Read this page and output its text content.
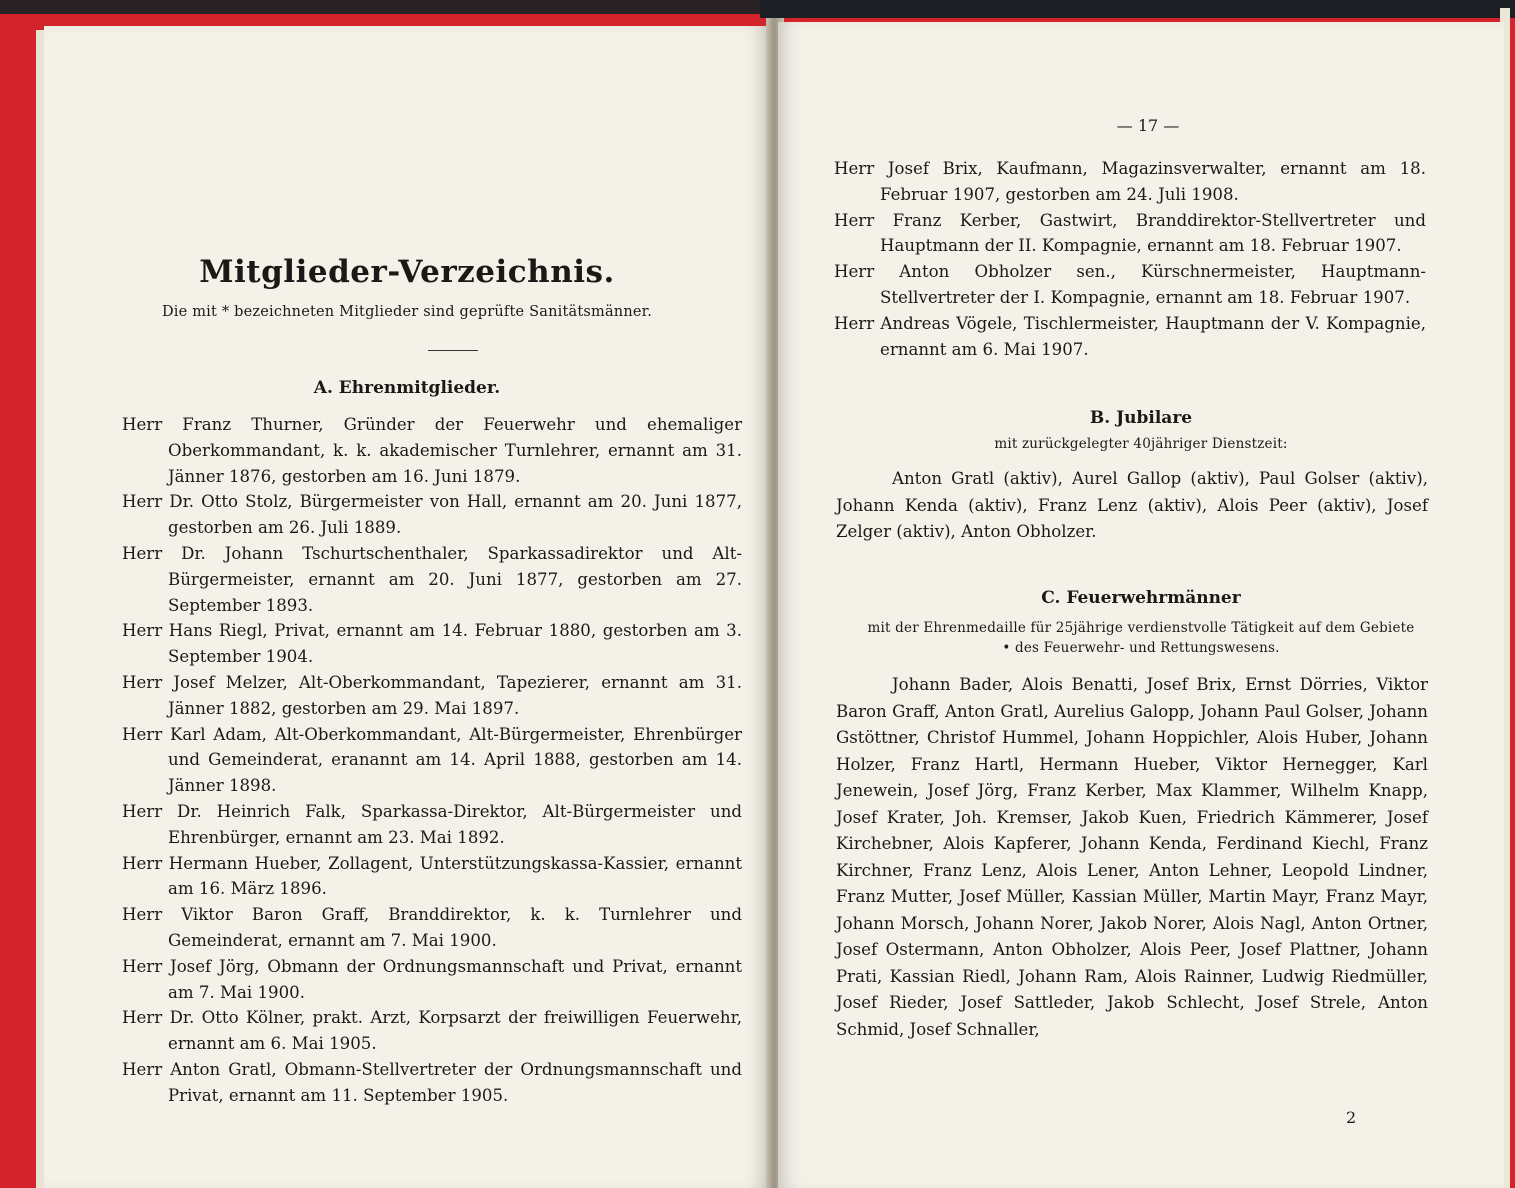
Mitglieder-Verzeichnis.
Die mit * bezeichneten Mitglieder sind geprüfte Sanitätsmänner.
A. Ehrenmitglieder.
Herr Franz Thurner, Gründer der Feuerwehr und ehemaliger Oberkommandant, k. k. akademischer Turnlehrer, ernannt am 31. Jänner 1876, gestorben am 16. Juni 1879.
Herr Dr. Otto Stolz, Bürgermeister von Hall, ernannt am 20. Juni 1877, gestorben am 26. Juli 1889.
Herr Dr. Johann Tschurtschenthaler, Sparkassadirektor und Alt-Bürgermeister, ernannt am 20. Juni 1877, gestorben am 27. September 1893.
Herr Hans Riegl, Privat, ernannt am 14. Februar 1880, gestorben am 3. September 1904.
Herr Josef Melzer, Alt-Oberkommandant, Tapezierer, ernannt am 31. Jänner 1882, gestorben am 29. Mai 1897.
Herr Karl Adam, Alt-Oberkommandant, Alt-Bürgermeister, Ehrenbürger und Gemeinderat, eranannt am 14. April 1888, gestorben am 14. Jänner 1898.
Herr Dr. Heinrich Falk, Sparkassa-Direktor, Alt-Bürgermeister und Ehrenbürger, ernannt am 23. Mai 1892.
Herr Hermann Hueber, Zollagent, Unterstützungskassa-Kassier, ernannt am 16. März 1896.
Herr Viktor Baron Graff, Branddirektor, k. k. Turnlehrer und Gemeinderat, ernannt am 7. Mai 1900.
Herr Josef Jörg, Obmann der Ordnungsmannschaft und Privat, ernannt am 7. Mai 1900.
Herr Dr. Otto Kölner, prakt. Arzt, Korpsarzt der freiwilligen Feuerwehr, ernannt am 6. Mai 1905.
Herr Anton Gratl, Obmann-Stellvertreter der Ordnungsmannschaft und Privat, ernannt am 11. September 1905.
— 17 —
Herr Josef Brix, Kaufmann, Magazinsverwalter, ernannt am 18. Februar 1907, gestorben am 24. Juli 1908.
Herr Franz Kerber, Gastwirt, Branddirektor-Stellvertreter und Hauptmann der II. Kompagnie, ernannt am 18. Februar 1907.
Herr Anton Obholzer sen., Kürschnermeister, Hauptmann-Stellvertreter der I. Kompagnie, ernannt am 18. Februar 1907.
Herr Andreas Vögele, Tischlermeister, Hauptmann der V. Kompagnie, ernannt am 6. Mai 1907.
B. Jubilare
mit zurückgelegter 40jähriger Dienstzeit:
Anton Gratl (aktiv), Aurel Gallop (aktiv), Paul Golser (aktiv), Johann Kenda (aktiv), Franz Lenz (aktiv), Alois Peer (aktiv), Josef Zelger (aktiv), Anton Obholzer.
C. Feuerwehrmänner
mit der Ehrenmedaille für 25jährige verdienstvolle Tätigkeit auf dem Gebiete
• des Feuerwehr- und Rettungswesens.
Johann Bader, Alois Benatti, Josef Brix, Ernst Dörries, Viktor Baron Graff, Anton Gratl, Aurelius Galopp, Johann Paul Golser, Johann Gstöttner, Christof Hummel, Johann Hoppichler, Alois Huber, Johann Holzer, Franz Hartl, Hermann Hueber, Viktor Hernegger, Karl Jenewein, Josef Jörg, Franz Kerber, Max Klammer, Wilhelm Knapp, Josef Krater, Joh. Kremser, Jakob Kuen, Friedrich Kämmerer, Josef Kirchebner, Alois Kapferer, Johann Kenda, Ferdinand Kiechl, Franz Kirchner, Franz Lenz, Alois Lener, Anton Lehner, Leopold Lindner, Franz Mutter, Josef Müller, Kassian Müller, Martin Mayr, Franz Mayr, Johann Morsch, Johann Norer, Jakob Norer, Alois Nagl, Anton Ortner, Josef Ostermann, Anton Obholzer, Alois Peer, Josef Plattner, Johann Prati, Kassian Riedl, Johann Ram, Alois Rainner, Ludwig Riedmüller, Josef Rieder, Josef Sattleder, Jakob Schlecht, Josef Strele, Anton Schmid, Josef Schnaller,
2
